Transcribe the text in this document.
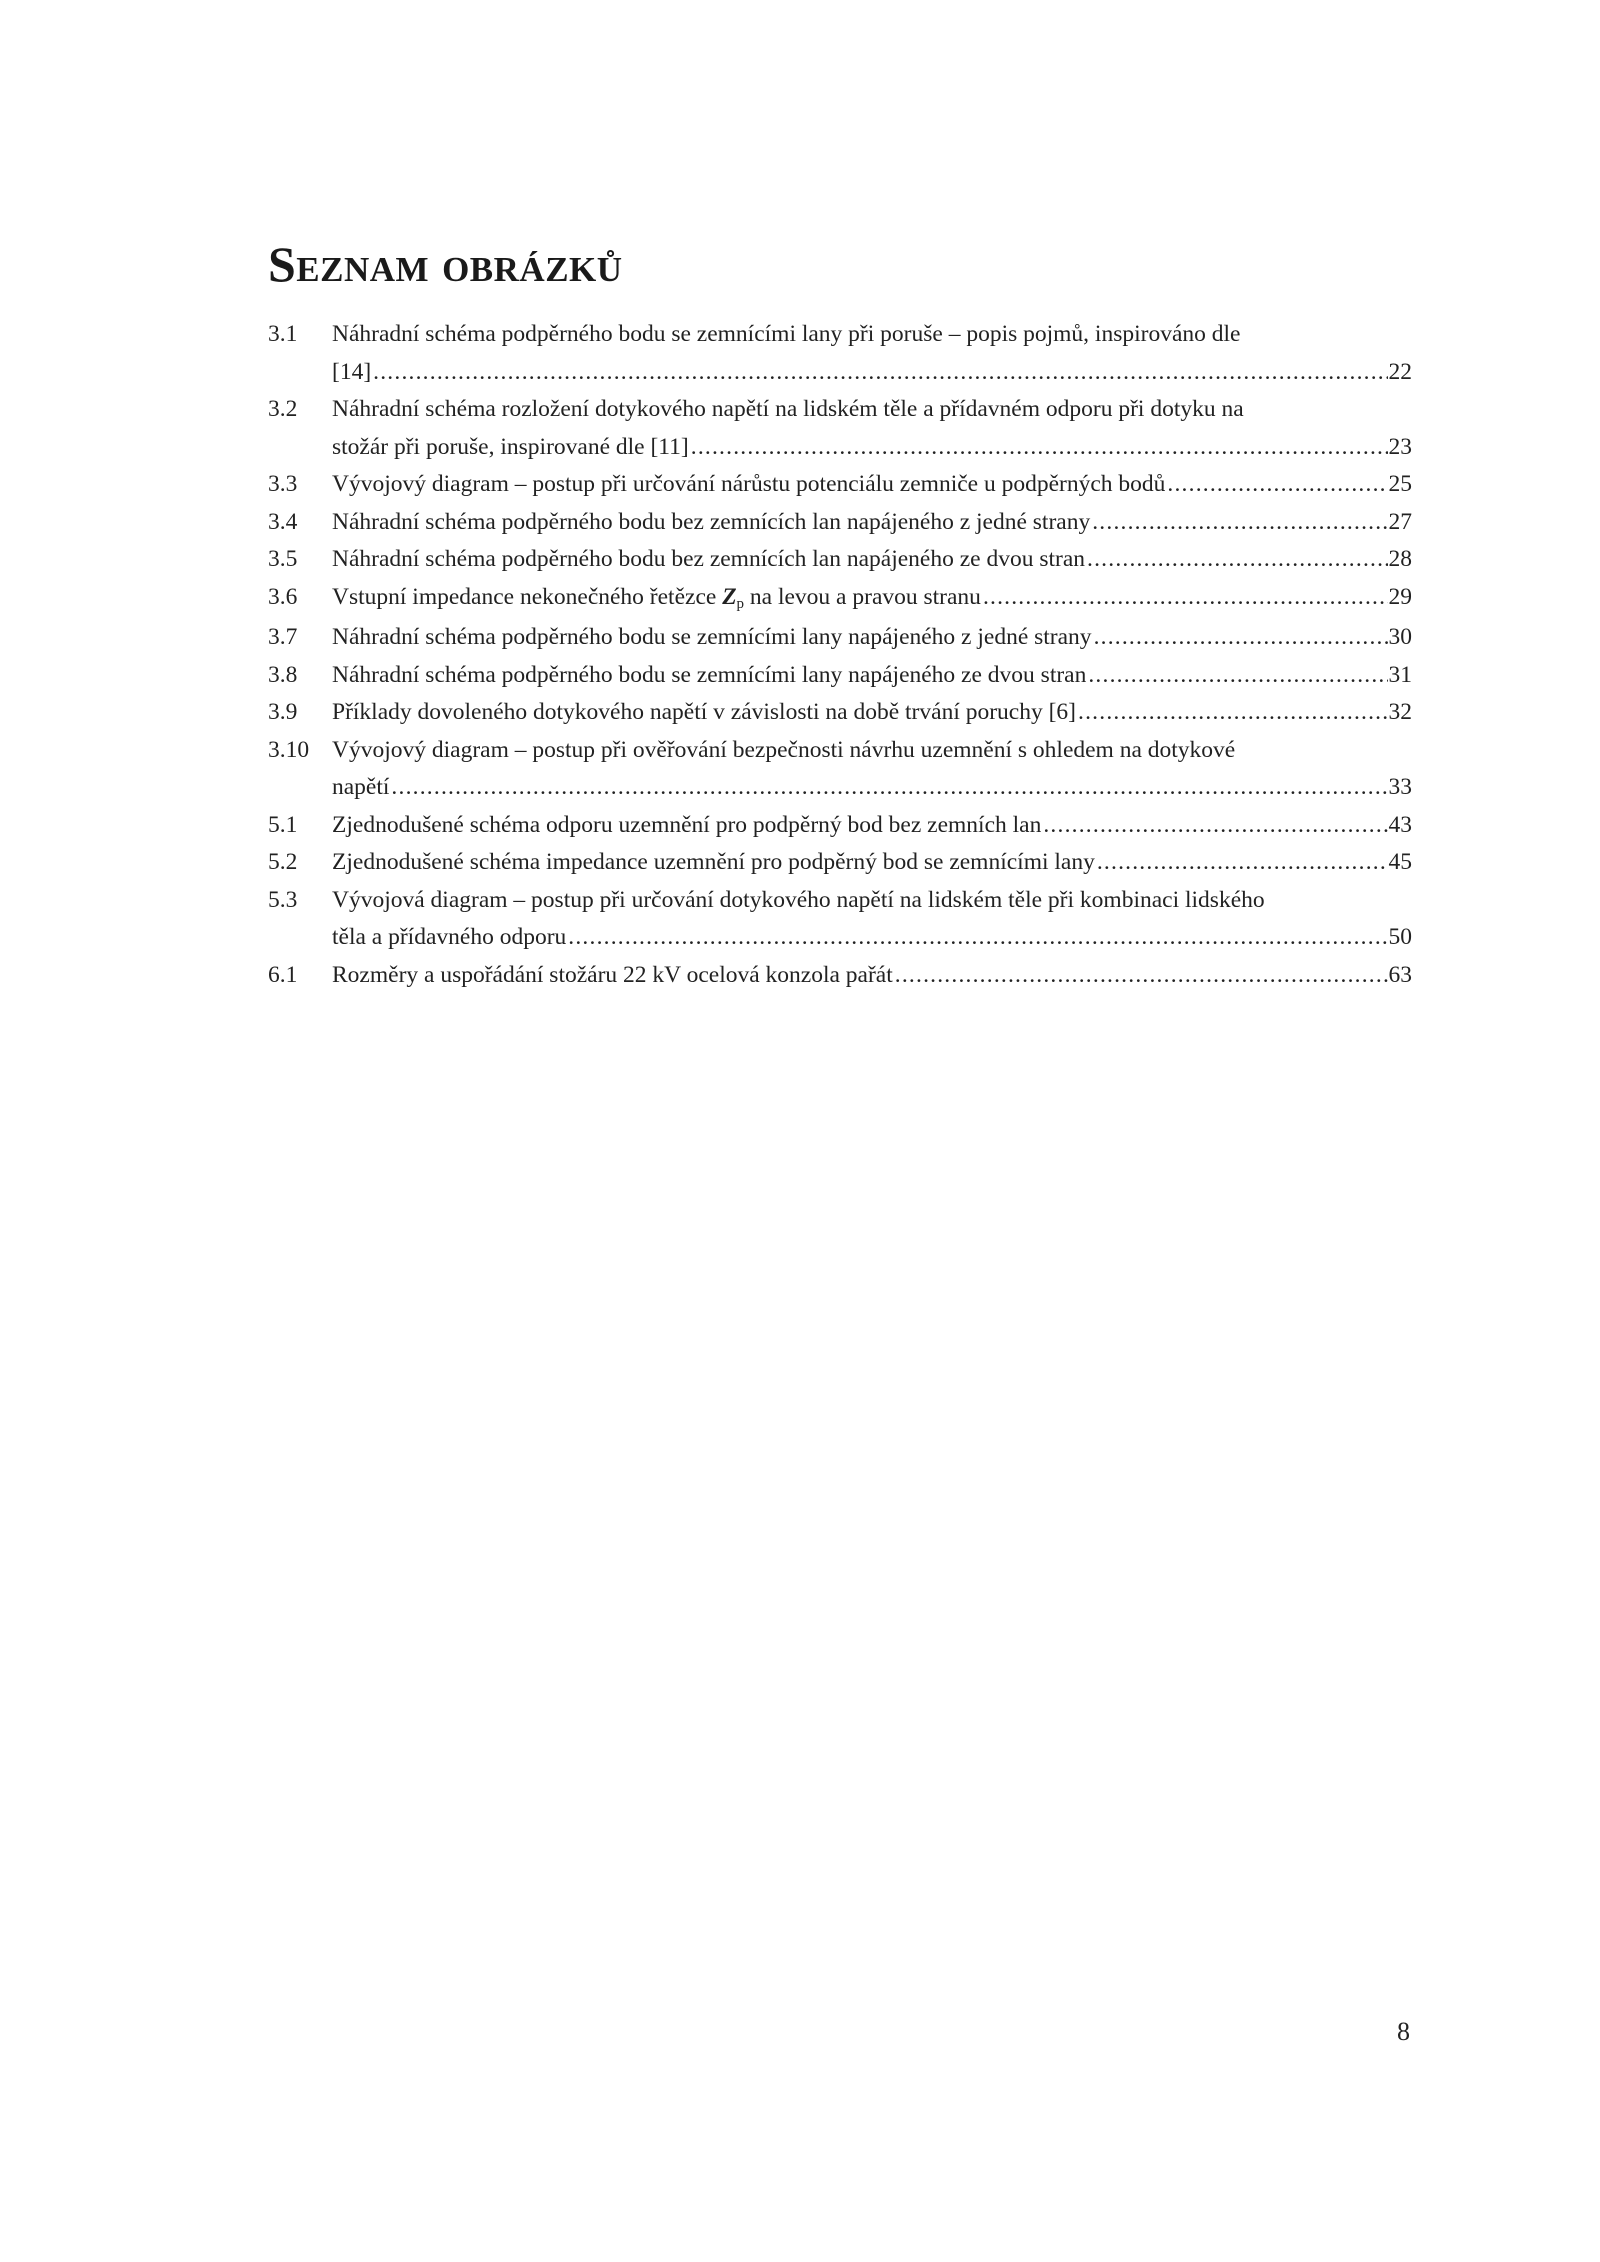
Seznam obrázků
3.1 Náhradní schéma podpěrného bodu se zemnícími lany při poruše – popis pojmů, inspirováno dle
[14] .....	22
3.2 Náhradní schéma rozložení dotykového napětí na lidském těle a přídavném odporu při dotyku na
stožár při poruše, inspirované dle [11] .....	23
3.3 Vývojový diagram – postup při určování nárůstu potenciálu zemniče u podpěrných bodů .....	25
3.4 Náhradní schéma podpěrného bodu bez zemnících lan napájeného z jedné strany .....	27
3.5 Náhradní schéma podpěrného bodu bez zemnících lan napájeného ze dvou stran .....	28
3.6 Vstupní impedance nekonečného řetězce Zp na levou a pravou stranu .....	29
3.7 Náhradní schéma podpěrného bodu se zemnícími lany napájeného z jedné strany .....	30
3.8 Náhradní schéma podpěrného bodu se zemnícími lany napájeného ze dvou stran .....	31
3.9 Příklady dovoleného dotykového napětí v závislosti na době trvání poruchy [6] .....	32
3.10 Vývojový diagram – postup při ověřování bezpečnosti návrhu uzemnění s ohledem na dotykové
napětí .....	33
5.1 Zjednodušené schéma odporu uzemnění pro podpěrný bod bez zemních lan .....	43
5.2 Zjednodušené schéma impedance uzemnění pro podpěrný bod se zemnícími lany .....	45
5.3 Vývojová diagram – postup při určování dotykového napětí na lidském těle při kombinaci lidského
těla a přídavného odporu .....	50
6.1 Rozměry a uspořádání stožáru 22 kV ocelová konzola pařát .....	63
8
